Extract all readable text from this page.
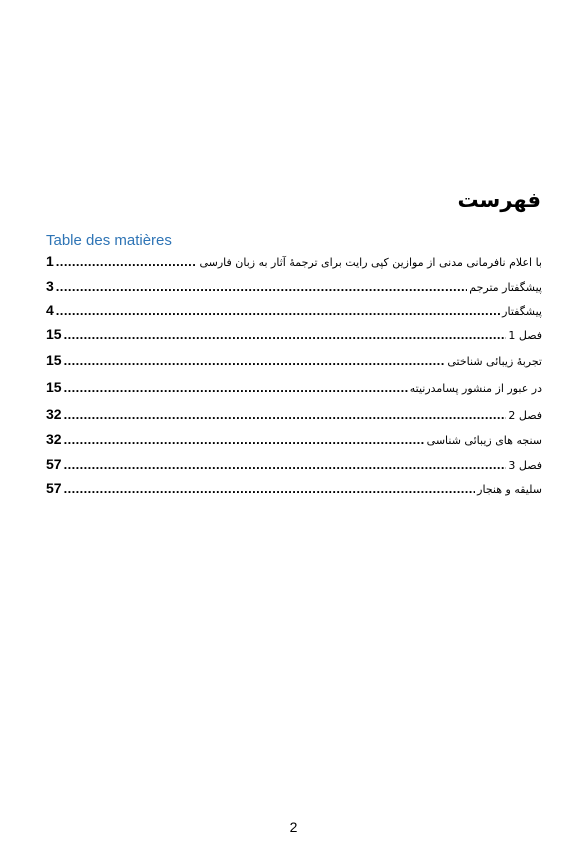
فهرست
Table des matières
با اعلام نافرمانی مدنی از موازین کپی رایت برای ترجمهٔ آثار به زبان فارسی
.....
1
پیشگفتار مترجم
.....
3
پیشگفتار
.....
4
فصل 1
.....
15
تجربهٔ زیبائی شناختی
.....
15
در عبور از منشور پسامدرنیته
.....
15
فصل 2
.....
32
سنجه های زیبائی شناسی
.....
32
فصل 3
.....
57
سلیقه و هنجار
.....
57
2
